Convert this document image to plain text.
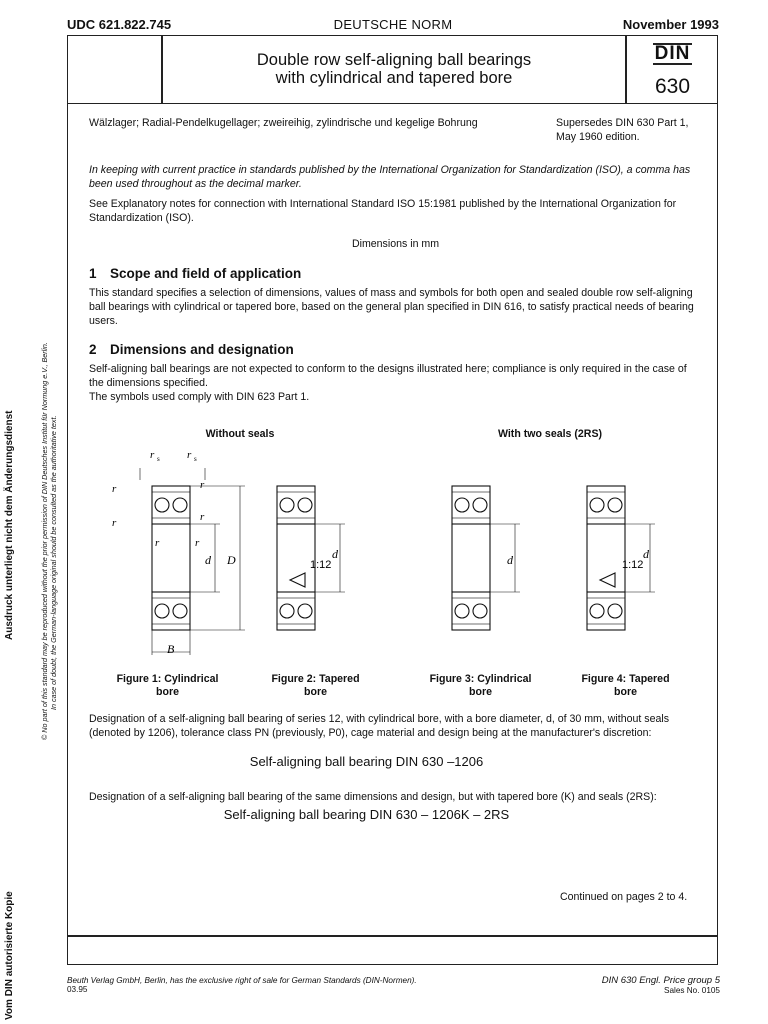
UDC 621.822.745	DEUTSCHE NORM	November 1993
Double row self-aligning ball bearings
with cylindrical and tapered bore
DIN
630
Wälzlager; Radial-Pendelkugellager; zweireihig, zylindrische und kegelige Bohrung	Supersedes DIN 630 Part 1,
May 1960 edition.
In keeping with current practice in standards published by the International Organization for Standardization (ISO), a comma has been used throughout as the decimal marker.
See Explanatory notes for connection with International Standard ISO 15:1981 published by the International Organization for Standardization (ISO).
Dimensions in mm
1 Scope and field of application
This standard specifies a selection of dimensions, values of mass and symbols for both open and sealed double row self-aligning ball bearings with cylindrical or tapered bore, based on the general plan specified in DIN 616, to satisfy practical needs of bearing users.
2 Dimensions and designation
Self-aligning ball bearings are not expected to conform to the designs illustrated here; compliance is only required in the case of the dimensions specified.
The symbols used comply with DIN 623 Part 1.
Without seals	With two seals (2RS)
r s r s
r
r
r
r
r	r
D
d
B
1:12
d	d	1:12
d
Figure 1: Cylindrical
bore
Figure 2: Tapered
bore
Figure 3: Cylindrical
bore
Figure 4: Tapered
bore
Designation of a self-aligning ball bearing of series 12, with cylindrical bore, with a bore diameter, d, of 30 mm, without seals (denoted by 1206), tolerance class PN (previously, P0), cage material and design being at the manufacturer's discretion:
Self-aligning ball bearing DIN 630 –1206
Designation of a self-aligning ball bearing of the same dimensions and design, but with tapered bore (K) and seals (2RS):
Self-aligning ball bearing DIN 630 – 1206K – 2RS
Continued on pages 2 to 4.
Vom DIN autorisierte Kopie
Ausdruck unterliegt nicht dem Änderungsdienst	© No part of this standard may be reproduced without the prior permission of DIN Deutsches Institut für Normung e.V., Berlin. In case of doubt, the German-language original should be consulted as the authoritative text.
Beuth Verlag GmbH, Berlin, has the exclusive right of sale for German Standards (DIN-Normen).
03.95
DIN 630 Engl. Price group 5
Sales No. 0105
